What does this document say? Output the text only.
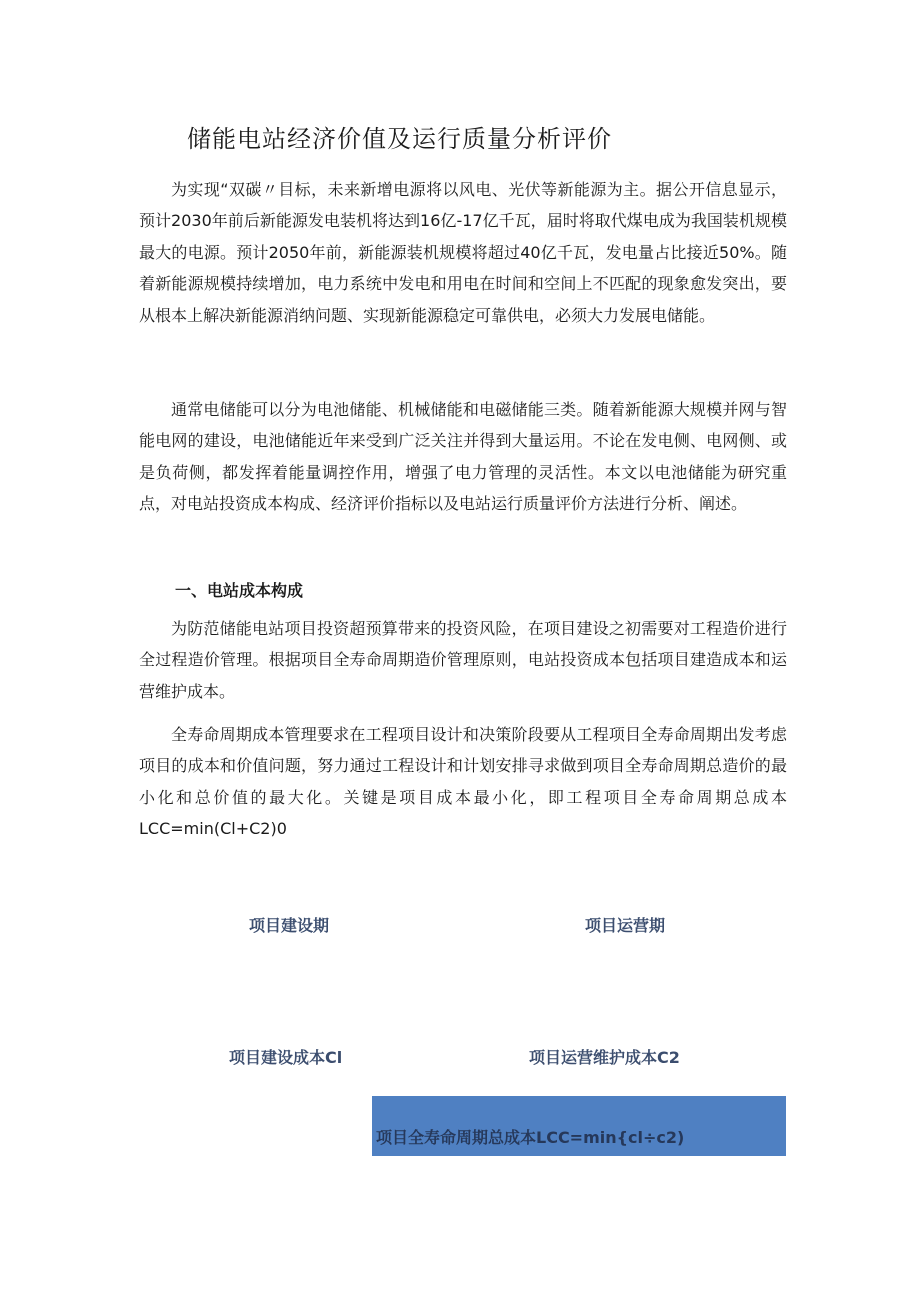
储能电站经济价值及运行质量分析评价

为实现“双碳〃目标，未来新增电源将以风电、光伏等新能源为主。据公开信息显示，预计2030年前后新能源发电装机将达到16亿-17亿千瓦，届时将取代煤电成为我国装机规模最大的电源。预计2050年前，新能源装机规模将超过40亿千瓦，发电量占比接近50%。随着新能源规模持续增加，电力系统中发电和用电在时间和空间上不匹配的现象愈发突出，要从根本上解决新能源消纳问题、实现新能源稳定可靠供电，必须大力发展电储能。

通常电储能可以分为电池储能、机械储能和电磁储能三类。随着新能源大规模并网与智能电网的建设，电池储能近年来受到广泛关注并得到大量运用。不论在发电侧、电网侧、或是负荷侧，都发挥着能量调控作用，增强了电力管理的灵活性。本文以电池储能为研究重点，对电站投资成本构成、经济评价指标以及电站运行质量评价方法进行分析、阐述。

一、电站成本构成

为防范储能电站项目投资超预算带来的投资风险，在项目建设之初需要对工程造价进行全过程造价管理。根据项目全寿命周期造价管理原则，电站投资成本包括项目建造成本和运营维护成本。

全寿命周期成本管理要求在工程项目设计和决策阶段要从工程项目全寿命周期出发考虑项目的成本和价值问题，努力通过工程设计和计划安排寻求做到项目全寿命周期总造价的最小化和总价值的最大化。关键是项目成本最小化，即工程项目全寿命周期总成本LCC=min(Cl+C2)0

项目建设期	项目运营期
项目建设成本Cl	项目运营维护成本C2
项目全寿命周期总成本LCC=min{cl÷c2)
